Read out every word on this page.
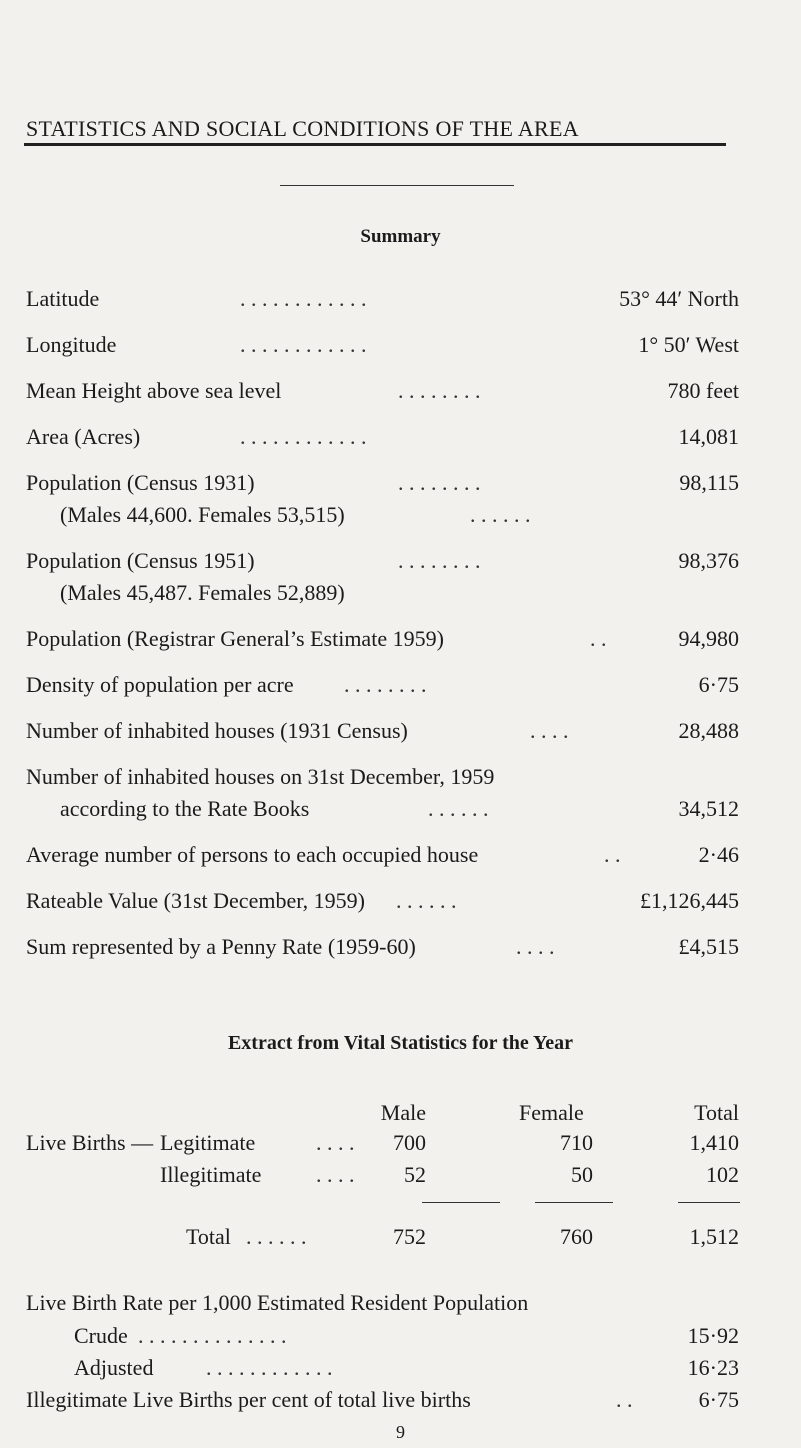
STATISTICS AND SOCIAL CONDITIONS OF THE AREA
Summary
Latitude	. . . . . . . . . . . .	53° 44′ North
Longitude	. . . . . . . . . . . .	1° 50′ West
Mean Height above sea level	. . . . . . . .	780 feet
Area (Acres)	. . . . . . . . . . . .	14,081
Population (Census 1931)	. . . . . . . .	98,115
(Males 44,600. Females 53,515)	. . . . . .
Population (Census 1951)	. . . . . . . .	98,376
(Males 45,487. Females 52,889)
Population (Registrar General’s Estimate 1959)	. .	94,980
Density of population per acre . . . . . . . .	6·75
Number of inhabited houses (1931 Census)	. . . .	28,488
Number of inhabited houses on 31st December, 1959
according to the Rate Books	. . . . . .	34,512
Average number of persons to each occupied house	. .	2·46
Rateable Value (31st December, 1959) . . . . . .	£1,126,445
Sum represented by a Penny Rate (1959-60)	. . . .	£4,515
Extract from Vital Statistics for the Year
Male	Female	Total
Live Births — Legitimate	. . . . 700	710	1,410
Illegitimate . . . . 52	50	102
Total . . . . . .	752	760	1,512
Live Birth Rate per 1,000 Estimated Resident Population
Crude . . . . . . . . . . . . . .	15·92
Adjusted . . . . . . . . . . . .	16·23
Illegitimate Live Births per cent of total live births	. .	6·75
9
